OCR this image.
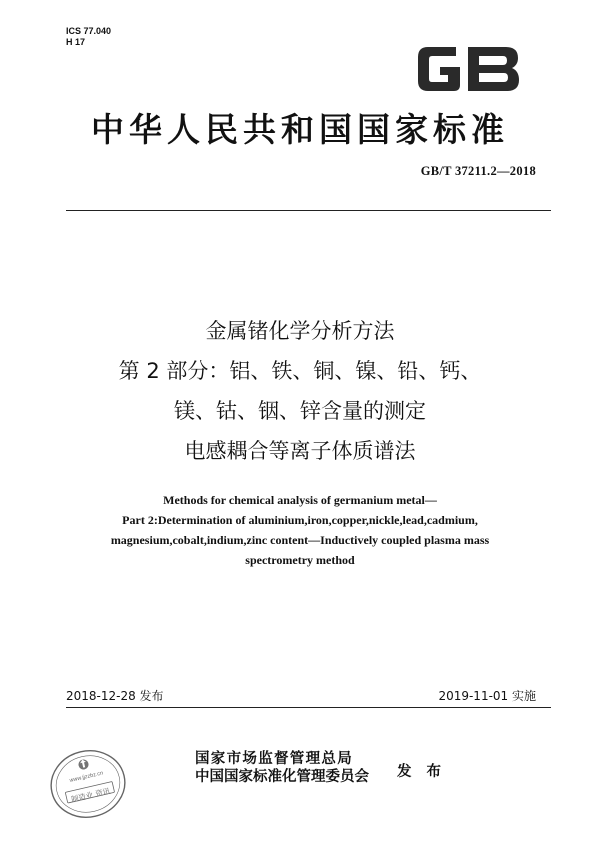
ICS 77.040
H 17
中华人民共和国国家标准
GB/T 37211.2—2018
金属锗化学分析方法
第 2 部分：铝、铁、铜、镍、铅、钙、
镁、钴、铟、锌含量的测定
电感耦合等离子体质谱法
Methods for chemical analysis of germanium metal—
Part 2:Determination of aluminium,iron,copper,nickle,lead,cadmium,
magnesium,cobalt,indium,zinc content—Inductively coupled plasma mass
spectrometry method
2018-12-28 发布	2019-11-01 实施
www.jjzzbz.cn
制造业 资讯
国家市场监督管理总局
中国国家标准化管理委员会 发 布
